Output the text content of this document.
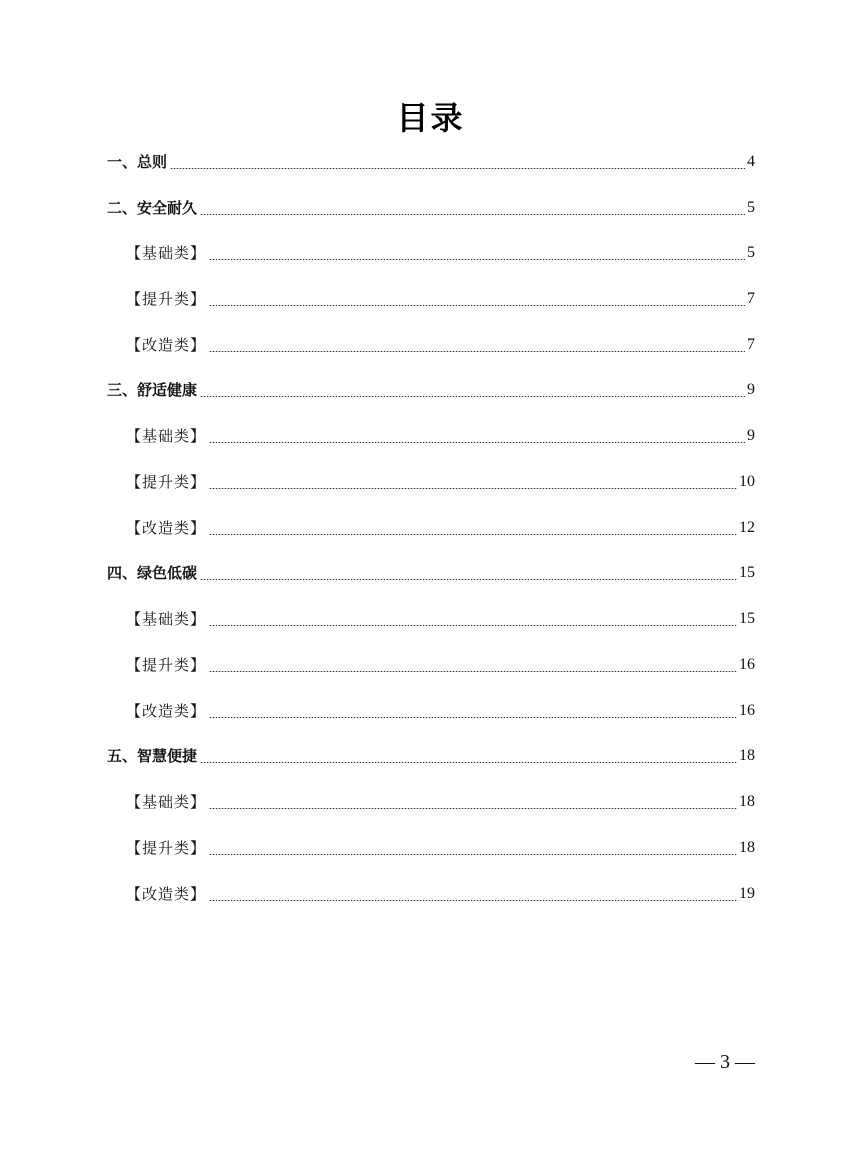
目录
一、总则	4
二、安全耐久	5
【基础类】	5
【提升类】	7
【改造类】	7
三、舒适健康	9
【基础类】	9
【提升类】	10
【改造类】	12
四、绿色低碳	15
【基础类】	15
【提升类】	16
【改造类】	16
五、智慧便捷	18
【基础类】	18
【提升类】	18
【改造类】	19
— 3 —
